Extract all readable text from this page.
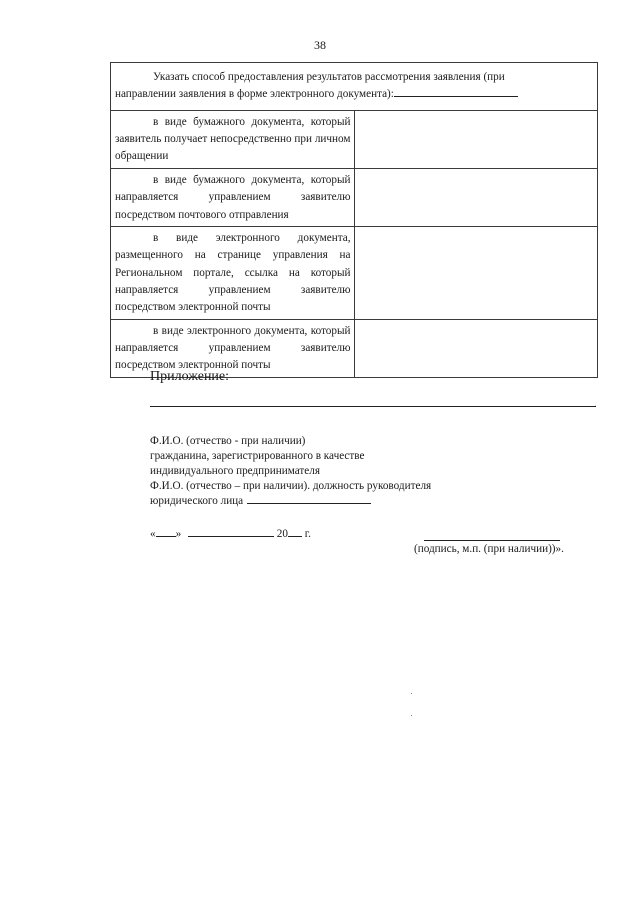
38
Указать способ предоставления результатов рассмотрения заявления (при
направлении заявления в форме электронного документа):	

в виде бумажного документа, который заявитель получает непосредственно при личном обращении	

в виде бумажного документа, который направляется управлением заявителю посредством почтового отправления	

в виде электронного документа, размещенного на странице управления на Региональном портале, ссылка на который направляется управлением заявителю посредством электронной почты	

в виде электронного документа, который направляется управлением заявителю посредством электронной почты	

Приложение:
.
Ф.И.О. (отчество - при наличии)
гражданина, зарегистрированного в качестве
индивидуального предпринимателя
Ф.И.О. (отчество – при наличии). должность руководителя
юридического лица
« »	20 г.
(подпись, м.п. (при наличии))».
